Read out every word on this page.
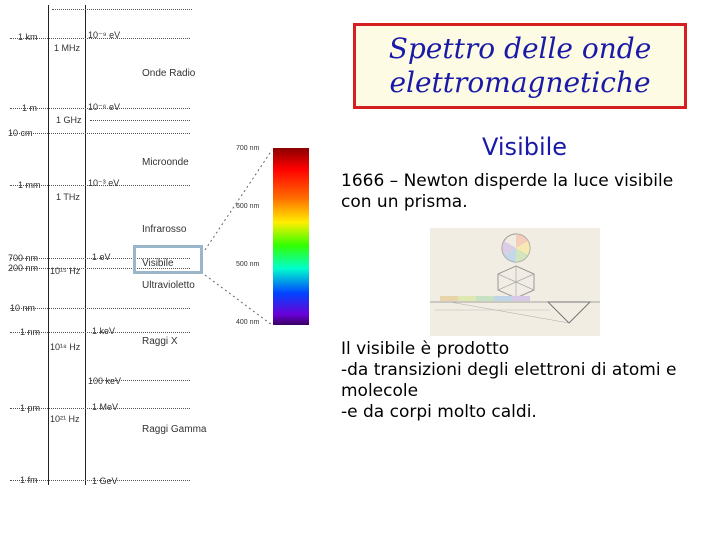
1 km
1 m
10 cm
1 mm
700 nm
200 nm
10 nm
1 nm
1 pm
1 fm
1 MHz
1 GHz
1 THz
10¹⁵ Hz
10¹⁸ Hz
10²¹ Hz
10⁻⁹ eV
10⁻⁶ eV
10⁻³ eV
1 eV
1 keV
100 keV
1 MeV
1 GeV
Onde Radio
Microonde
Infrarosso
Visibile
Ultravioletto
Raggi X
Raggi Gamma
700 nm
600 nm
500 nm
400 nm
Spettro delle onde
elettromagnetiche
Visibile
1666 – Newton disperde la luce visibile con un prisma.
Il visibile è prodotto
-da transizioni degli elettroni di atomi e molecole
-e da corpi molto caldi.
